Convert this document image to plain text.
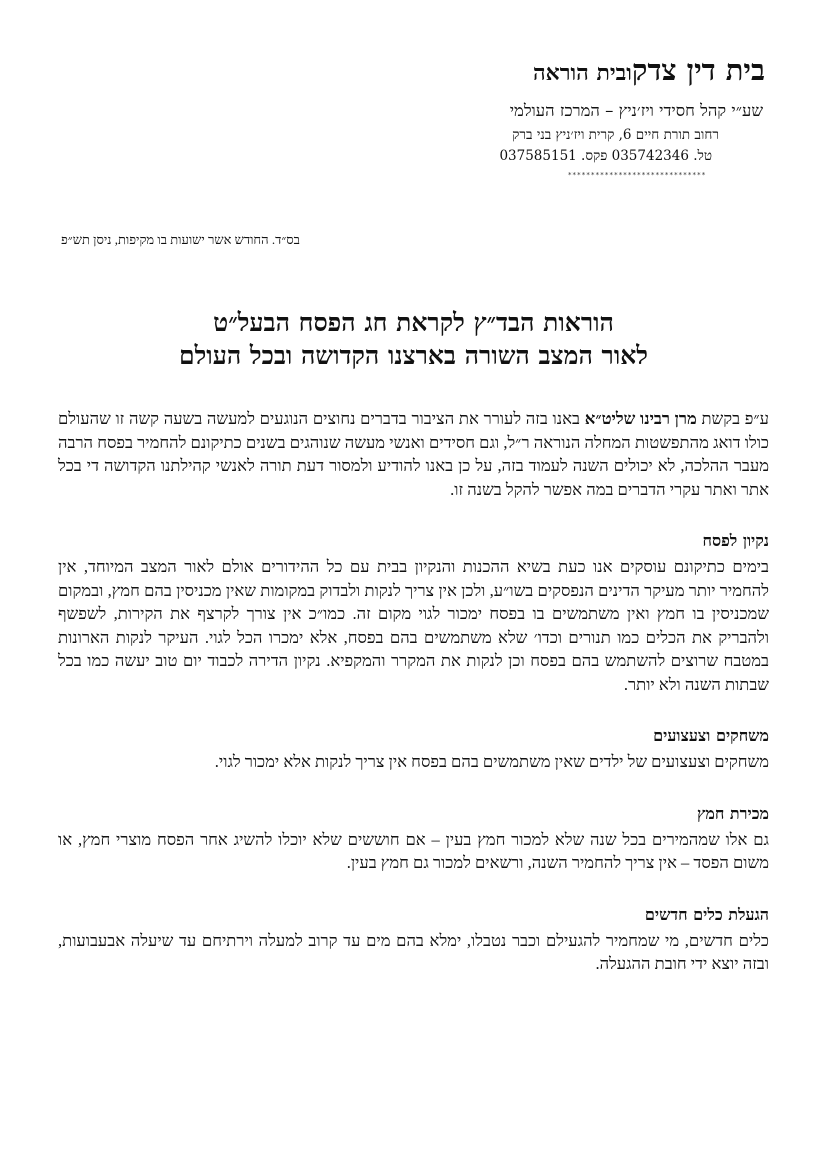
בית דין צדקובית הוראה
שע״י קהל חסידי ויז׳ניץ – המרכז העולמי
רחוב תורת חיים 6, קרית ויז׳ניץ בני ברק
טל. 035742346 פקס. 037585151
******************************
בס״ד. החודש אשר ישועות בו מקיפות, ניסן תש״פ
הוראות הבד״ץ לקראת חג הפסח הבעל״ט
לאור המצב השורה בארצנו הקדושה ובכל העולם

ע״פ בקשת מרן רבינו שליט״א באנו בזה לעורר את הציבור בדברים נחוצים הנוגעים למעשה בשעה קשה זו שהעולם כולו דואג מהתפשטות המחלה הנוראה ר״ל, וגם חסידים ואנשי מעשה שנוהגים בשנים כתיקונם להחמיר בפסח הרבה מעבר ההלכה, לא יכולים השנה לעמוד בזה, על כן באנו להודיע ולמסור דעת תורה לאנשי קהילתנו הקדושה די בכל אתר ואתר עקרי הדברים במה אפשר להקל בשנה זו.

נקיון לפסח

בימים כתיקונם עוסקים אנו כעת בשיא ההכנות והנקיון בבית עם כל ההידורים אולם לאור המצב המיוחד, אין להחמיר יותר מעיקר הדינים הנפסקים בשו״ע, ולכן אין צריך לנקות ולבדוק במקומות שאין מכניסין בהם חמץ, ובמקום שמכניסין בו חמץ ואין משתמשים בו בפסח ימכור לגוי מקום זה. כמו״כ אין צורך לקרצף את הקירות, לשפשף ולהבריק את הכלים כמו תנורים וכדו׳ שלא משתמשים בהם בפסח, אלא ימכרו הכל לגוי. העיקר לנקות הארונות במטבח שרוצים להשתמש בהם בפסח וכן לנקות את המקרר והמקפיא. נקיון הדירה לכבוד יום טוב יעשה כמו בכל שבתות השנה ולא יותר.

משחקים וצעצועים

משחקים וצעצועים של ילדים שאין משתמשים בהם בפסח אין צריך לנקות אלא ימכור לגוי.

מכירת חמץ

גם אלו שמהמירים בכל שנה שלא למכור חמץ בעין – אם חוששים שלא יוכלו להשיג אחר הפסח מוצרי חמץ, או משום הפסד – אין צריך להחמיר השנה, ורשאים למכור גם חמץ בעין.

הגעלת כלים חדשים

כלים חדשים, מי שמחמיר להגעילם וכבר נטבלו, ימלא בהם מים עד קרוב למעלה וירתיחם עד שיעלה אבעבועות, ובזה יוצא ידי חובת ההגעלה.
